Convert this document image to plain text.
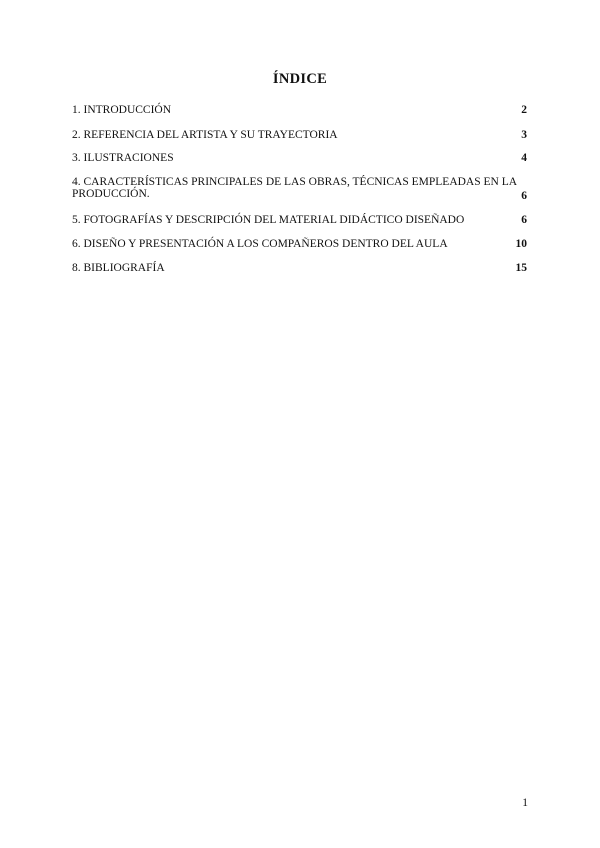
ÍNDICE
1. INTRODUCCIÓN	2
2. REFERENCIA DEL ARTISTA Y SU TRAYECTORIA	3
3. ILUSTRACIONES	4
4. CARACTERÍSTICAS PRINCIPALES DE LAS OBRAS, TÉCNICAS EMPLEADAS EN LA PRODUCCIÓN.	6
5. FOTOGRAFÍAS Y DESCRIPCIÓN DEL MATERIAL DIDÁCTICO DISEÑADO	6
6. DISEÑO Y PRESENTACIÓN A LOS COMPAÑEROS DENTRO DEL AULA	10
8. BIBLIOGRAFÍA	15
1
